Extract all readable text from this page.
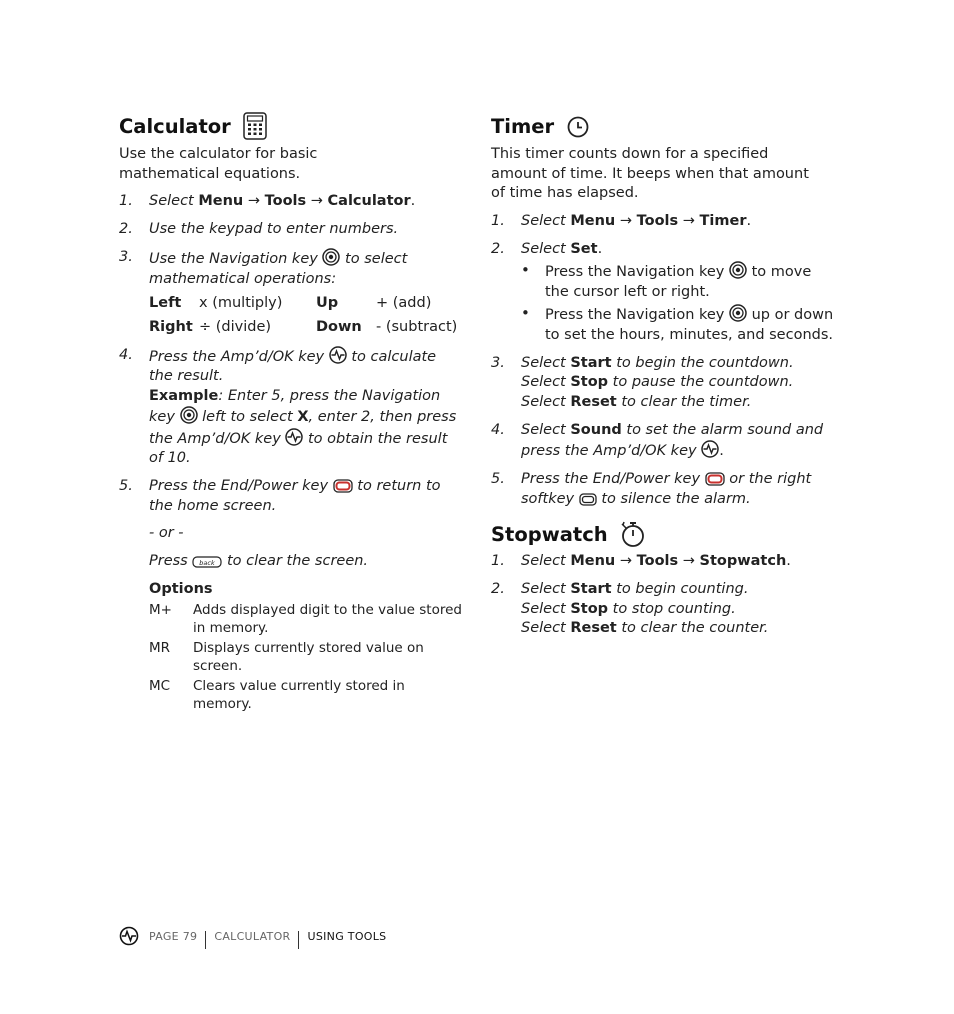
Calculator

Use the calculator for basic mathematical equations.

1. Select Menu → Tools → Calculator.
2. Use the keypad to enter numbers.
3. Use the Navigation key  to select mathematical operations:
Left	x (multiply)	Up	+ (add)
Right ÷ (divide)	Down - (subtract)
4. Press the Amp’d/OK key  to calculate the result.
Example: Enter 5, press the Navigation key  left to select X, enter 2, then press the Amp’d/OK key  to obtain the result of 10.
5. Press the End/Power key  to return to the home screen.
- or -
Press back to clear the screen.
Options
M+	Adds displayed digit to the value stored in memory.
MR	Displays currently stored value on screen.
MC	Clears value currently stored in memory.
Timer

This timer counts down for a specified amount of time. It beeps when that amount of time has elapsed.

1. Select Menu → Tools → Timer.
2. Select Set.
• Press the Navigation key  to move the cursor left or right.
• Press the Navigation key  up or down to set the hours, minutes, and seconds.
3. Select Start to begin the countdown.
Select Stop to pause the countdown.
Select Reset to clear the timer.
4. Select Sound to set the alarm sound and press the Amp’d/OK key .
5. Press the End/Power key  or the right softkey  to silence the alarm.
Stopwatch
1. Select Menu → Tools → Stopwatch.
2. Select Start to begin counting.
Select Stop to stop counting.
Select Reset to clear the counter.
PAGE 79 CALCULATOR USING TOOLS
